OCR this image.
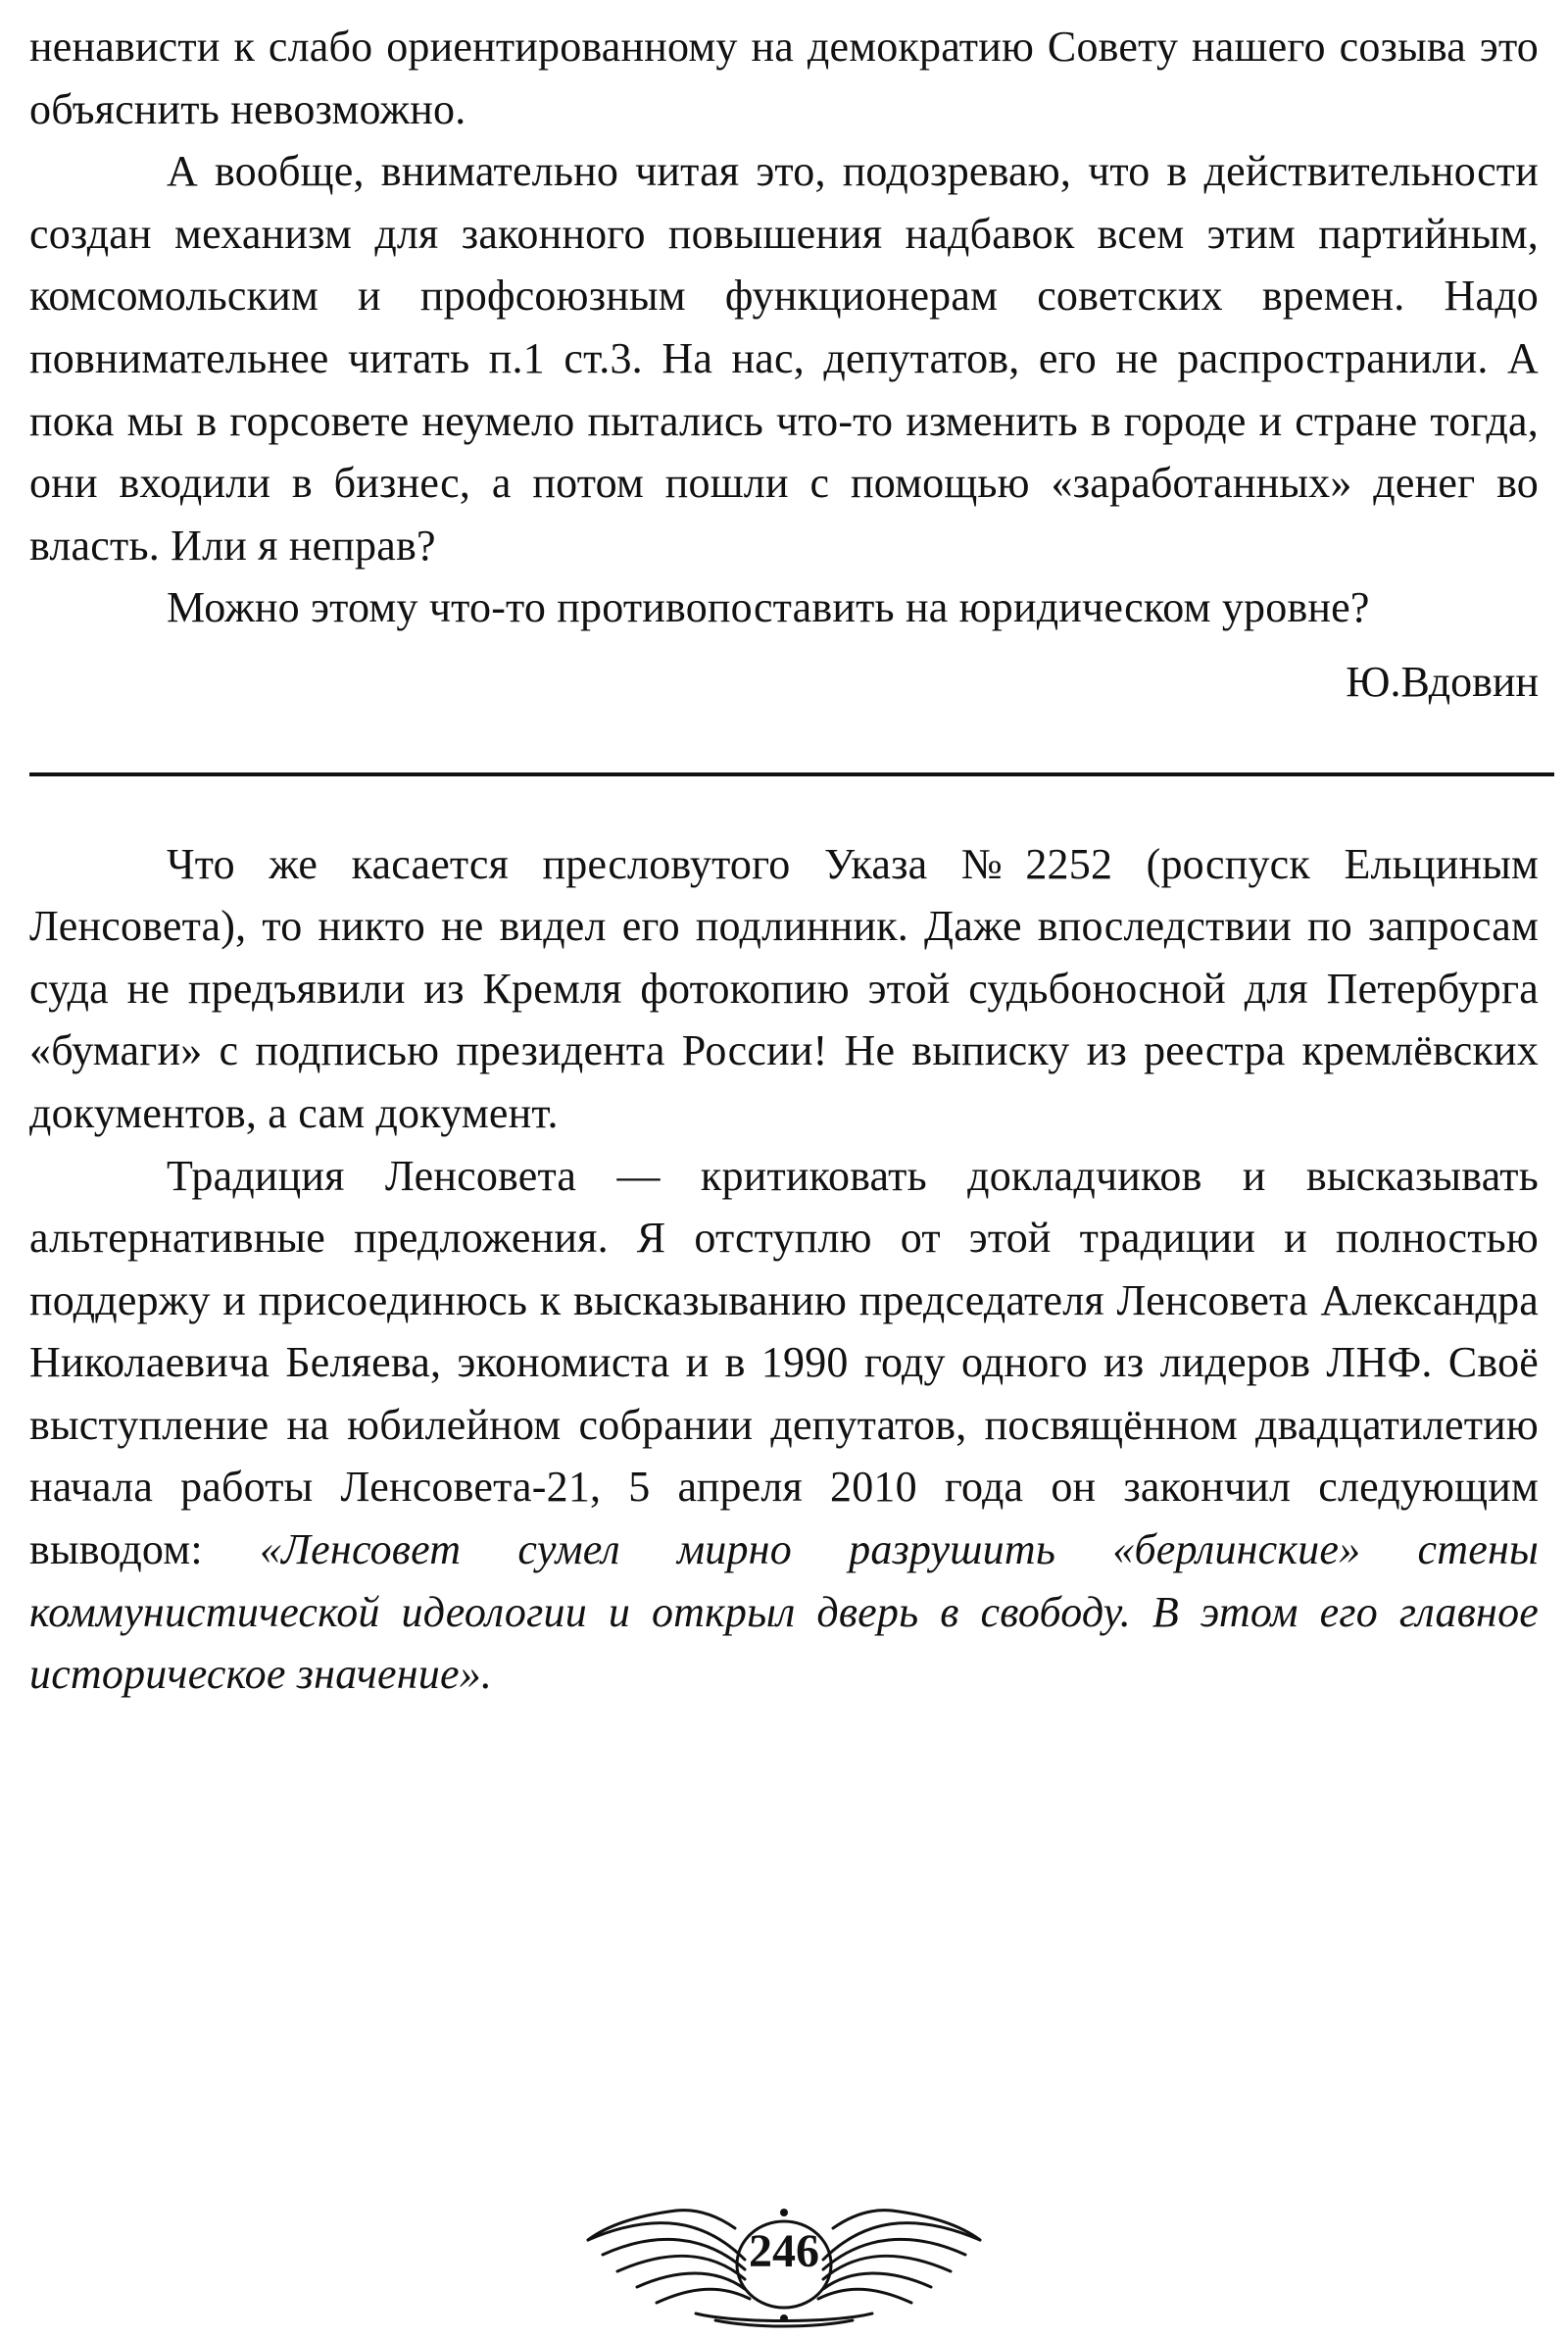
ненависти к слабо ориентированному на демократию Совету нашего созыва это объяснить невозможно.

А вообще, внимательно читая это, подозреваю, что в действительности создан механизм для законного повышения надбавок всем этим партийным, комсомольским и профсоюзным функционерам советских времен. Надо повнимательнее читать п.1 ст.3. На нас, депутатов, его не распространили. А пока мы в горсовете неумело пытались что-то изменить в городе и стране тогда, они входили в бизнес, а потом пошли с помощью «заработанных» денег во власть. Или я неправ?

Можно этому что-то противопоставить на юридическом уровне?

Ю.Вдовин

Что же касается пресловутого Указа №2252 (роспуск Ельциным Ленсовета), то никто не видел его подлинник. Даже впоследствии по запросам суда не предъявили из Кремля фотокопию этой судьбоносной для Петербурга «бумаги» с подписью президента России! Не выписку из реестра кремлёвских документов, а сам документ.

Традиция Ленсовета — критиковать докладчиков и высказывать альтернативные предложения. Я отступлю от этой традиции и полностью поддержу и присоединюсь к высказыванию председателя Ленсовета Александра Николаевича Беляева, экономиста и в 1990 году одного из лидеров ЛНФ. Своё выступление на юбилейном собрании депутатов, посвящённом двадцатилетию начала работы Ленсовета-21, 5 апреля 2010 года он закончил следующим выводом: «Ленсовет сумел мирно разрушить «берлинские» стены коммунистической идеологии и открыл дверь в свободу. В этом его главное историческое значение».

246
